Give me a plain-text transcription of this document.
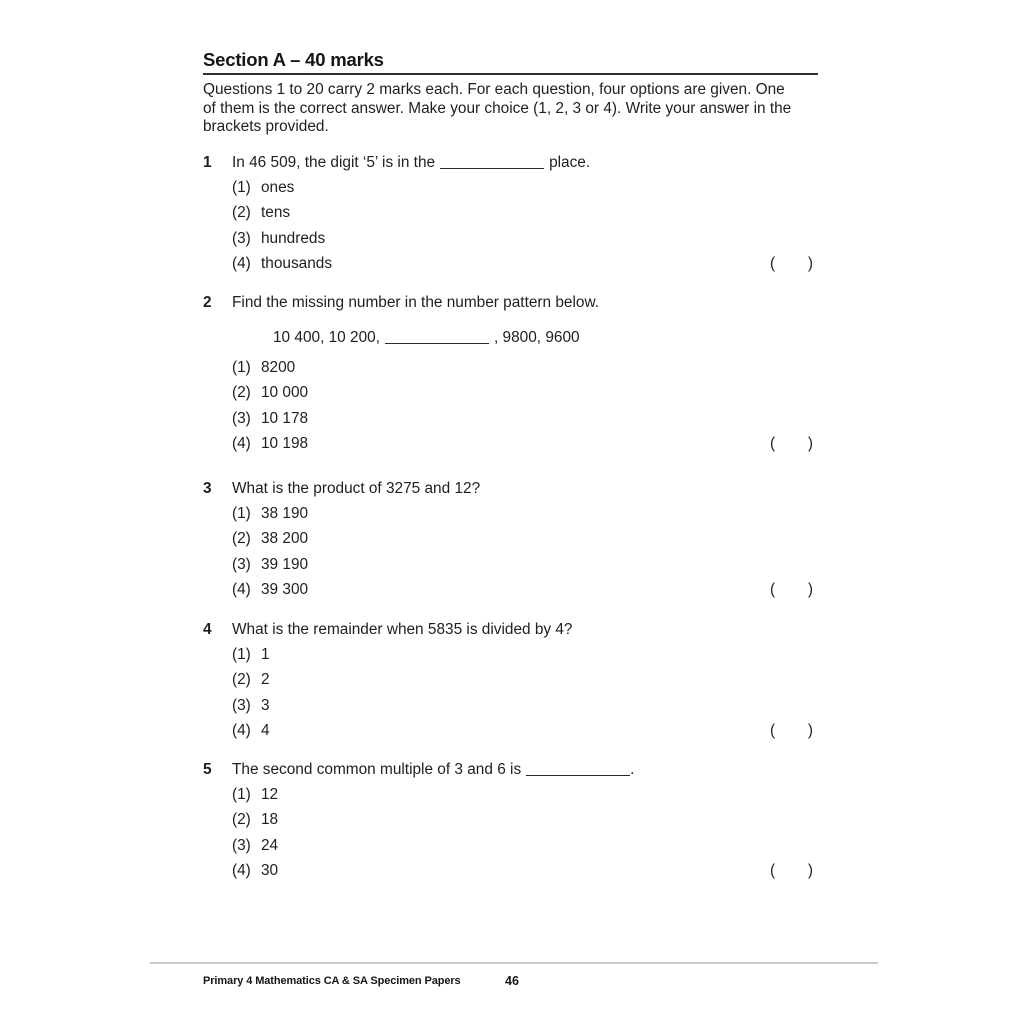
Section A – 40 marks
Questions 1 to 20 carry 2 marks each. For each question, four options are given. One
of them is the correct answer. Make your choice (1, 2, 3 or 4). Write your answer in the
brackets provided.
1	In 46 509, the digit ‘5’ is in the	place.
(1) ones
(2) tens
(3) hundreds
(4) thousands	( )
2	Find the missing number in the number pattern below.
10 400, 10 200,	, 9800, 9600
(1) 8200
(2) 10 000
(3) 10 178
(4) 10 198	( )
3	What is the product of 3275 and 12?
(1) 38 190
(2) 38 200
(3) 39 190
(4) 39 300	( )
4	What is the remainder when 5835 is divided by 4?
(1) 1
(2) 2
(3) 3
(4) 4	( )
5	The second common multiple of 3 and 6 is	.
(1) 12
(2) 18
(3) 24
(4) 30	( )
Primary 4 Mathematics CA & SA Specimen Papers	46
